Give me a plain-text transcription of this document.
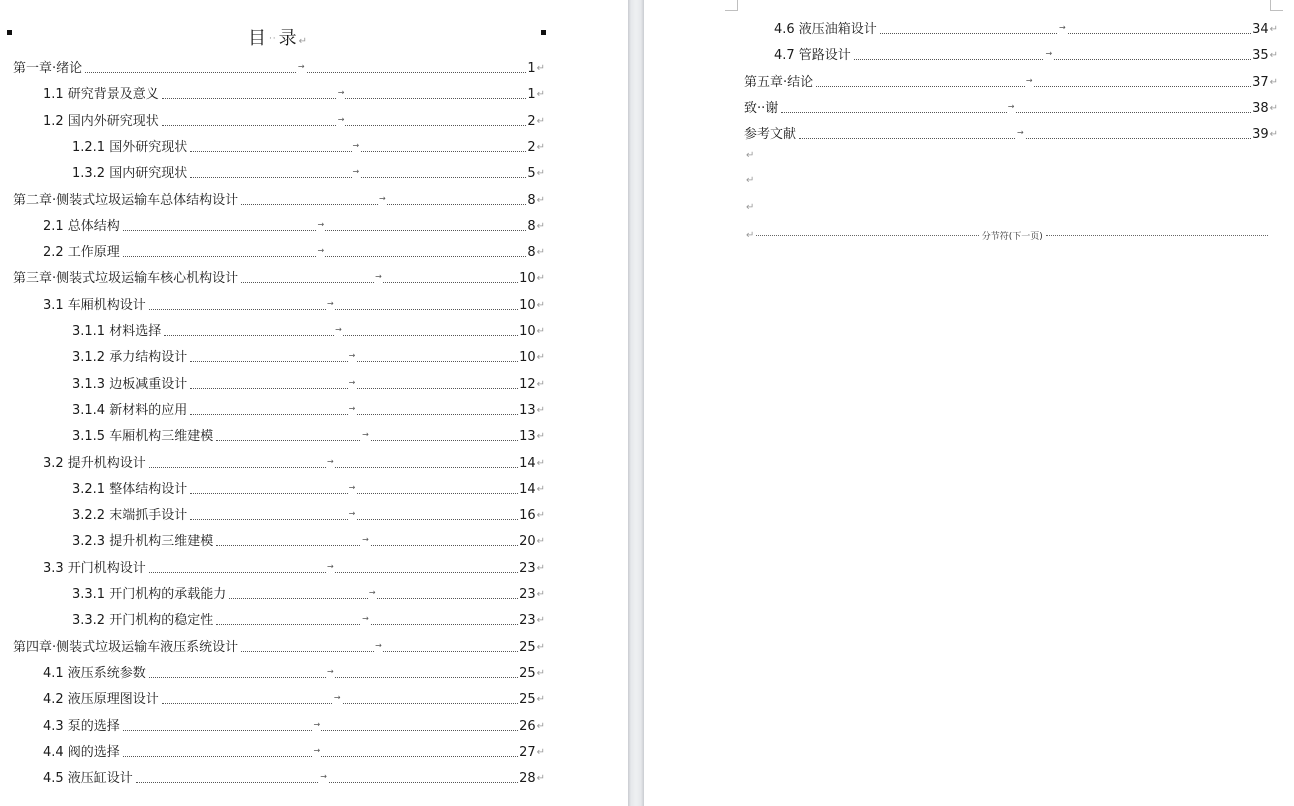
目 ·· 录↵
第一章·绪论	→	1 ↵
1.1 研究背景及意义	→	1 ↵
1.2 国内外研究现状	→	2 ↵
1.2.1 国外研究现状	→	2 ↵
1.3.2 国内研究现状	→	5 ↵
第二章·侧装式垃圾运输车总体结构设计	→	8 ↵
2.1 总体结构	→	8 ↵
2.2 工作原理	→	8 ↵
第三章·侧装式垃圾运输车核心机构设计	→	10 ↵
3.1 车厢机构设计	→	10 ↵
3.1.1 材料选择	→	10 ↵
3.1.2 承力结构设计	→	10 ↵
3.1.3 边板减重设计	→	12 ↵
3.1.4 新材料的应用	→	13 ↵
3.1.5 车厢机构三维建模	→	13 ↵
3.2 提升机构设计	→	14 ↵
3.2.1 整体结构设计	→	14 ↵
3.2.2 末端抓手设计	→	16 ↵
3.2.3 提升机构三维建模	→	20 ↵
3.3 开门机构设计	→	23 ↵
3.3.1 开门机构的承载能力	→	23 ↵
3.3.2 开门机构的稳定性	→	23 ↵
第四章·侧装式垃圾运输车液压系统设计	→	25 ↵
4.1 液压系统参数	→	25 ↵
4.2 液压原理图设计	→	25 ↵
4.3 泵的选择	→	26 ↵
4.4 阀的选择	→	27 ↵
4.5 液压缸设计	→	28 ↵
4.6 液压油箱设计	→	34 ↵
4.7 管路设计	→	35 ↵
第五章·结论	→	37 ↵
致··谢	→	38 ↵
参考文献	→	39 ↵
↵
↵
↵
↵	分节符(下一页)
